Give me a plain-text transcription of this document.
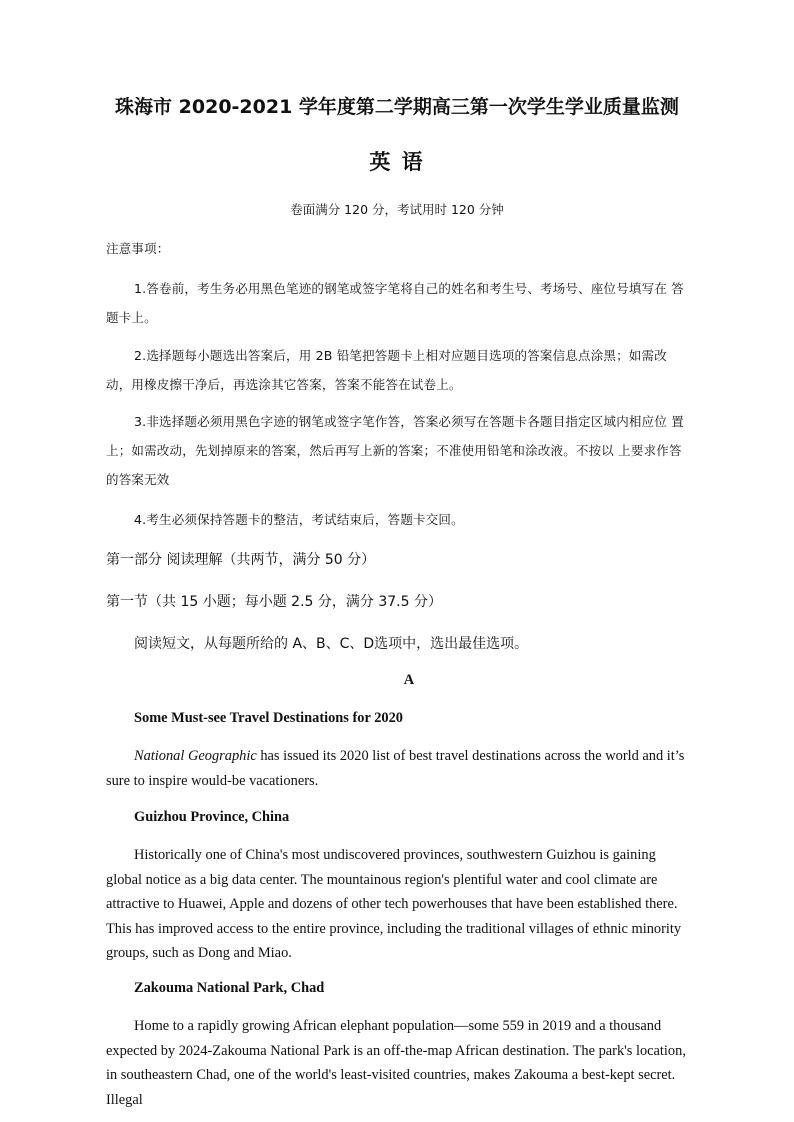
珠海市 2020-2021 学年度第二学期高三第一次学生学业质量监测
英 语
卷面满分 120 分，考试用时 120 分钟
注意事项：
1.答卷前，考生务必用黑色笔迹的钢笔或签字笔将自己的姓名和考生号、考场号、座位号填写在 答题卡上。
2.选择题每小题选出答案后，用 2B 铅笔把答题卡上相对应题目选项的答案信息点涂黑；如需改 动，用橡皮擦干净后，再选涂其它答案，答案不能答在试卷上。
3.非选择题必须用黑色字迹的钢笔或签字笔作答，答案必须写在答题卡各题目指定区域内相应位 置上；如需改动，先划掉原来的答案，然后再写上新的答案；不准使用铅笔和涂改液。不按以 上要求作答的答案无效
4.考生必须保持答题卡的整洁，考试结束后，答题卡交回。
第一部分 阅读理解（共两节，满分 50 分）
第一节（共 15 小题；每小题 2.5 分，满分 37.5 分）
阅读短文，从每题所给的 A、B、C、D选项中，选出最佳选项。
A
Some Must-see Travel Destinations for 2020
National Geographic has issued its 2020 list of best travel destinations across the world and it’s sure to inspire would-be vacationers.
Guizhou Province, China
Historically one of China's most undiscovered provinces, southwestern Guizhou is gaining global notice as a big data center. The mountainous region's plentiful water and cool climate are attractive to Huawei, Apple and dozens of other tech powerhouses that have been established there. This has improved access to the entire province, including the traditional villages of ethnic minority groups, such as Dong and Miao.
Zakouma National Park, Chad
Home to a rapidly growing African elephant population—some 559 in 2019 and a thousand expected by 2024-Zakouma National Park is an off-the-map African destination. The park's location, in southeastern Chad, one of the world's least-visited countries, makes Zakouma a best-kept secret. Illegal
